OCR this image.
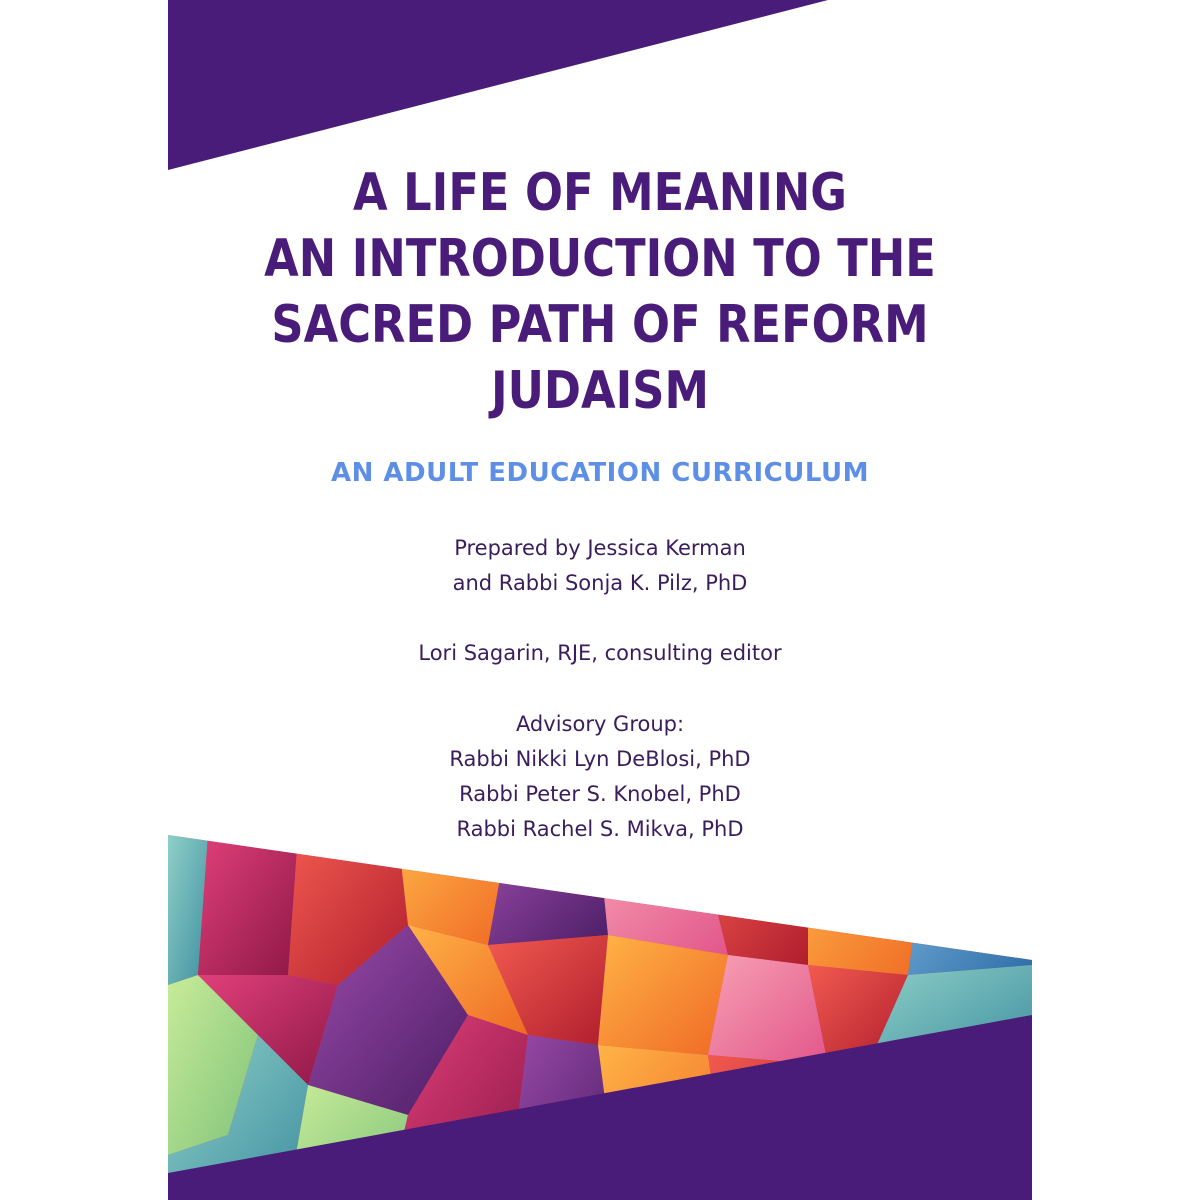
A LIFE OF MEANING
AN INTRODUCTION TO THE
SACRED PATH OF REFORM
JUDAISM
AN ADULT EDUCATION CURRICULUM
Prepared by Jessica Kerman
and Rabbi Sonja K. Pilz, PhD
Lori Sagarin, RJE, consulting editor
Advisory Group:
Rabbi Nikki Lyn DeBlosi, PhD
Rabbi Peter S. Knobel, PhD
Rabbi Rachel S. Mikva, PhD
